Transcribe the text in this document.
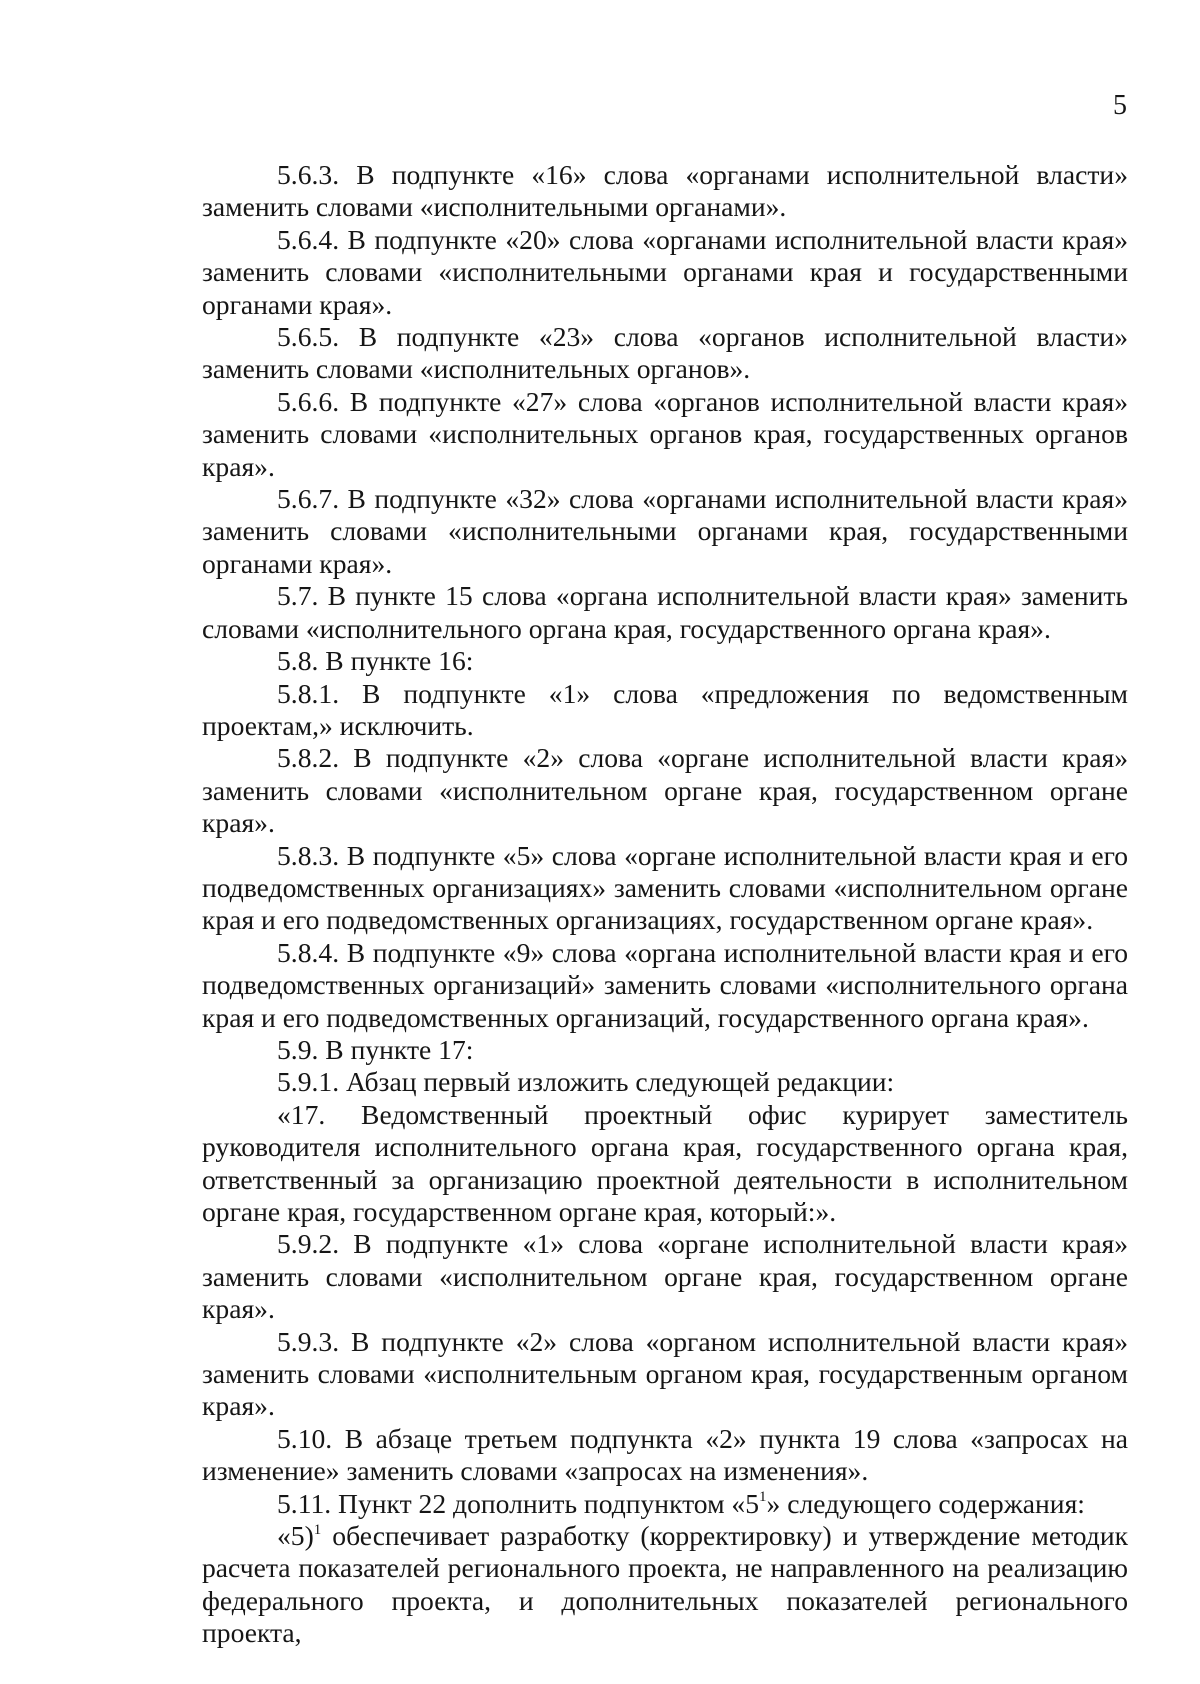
5

5.6.3. В подпункте «16» слова «органами исполнительной власти» заменить словами «исполнительными органами».

5.6.4. В подпункте «20» слова «органами исполнительной власти края» заменить словами «исполнительными органами края и государственными органами края».

5.6.5. В подпункте «23» слова «органов исполнительной власти» заменить словами «исполнительных органов».

5.6.6. В подпункте «27» слова «органов исполнительной власти края» заменить словами «исполнительных органов края, государственных органов края».

5.6.7. В подпункте «32» слова «органами исполнительной власти края» заменить словами «исполнительными органами края, государственными органами края».

5.7. В пункте 15 слова «органа исполнительной власти края» заменить словами «исполнительного органа края, государственного органа края».

5.8. В пункте 16:

5.8.1. В подпункте «1» слова «предложения по ведомственным проектам,» исключить.

5.8.2. В подпункте «2» слова «органе исполнительной власти края» заменить словами «исполнительном органе края, государственном органе края».

5.8.3. В подпункте «5» слова «органе исполнительной власти края и его подведомственных организациях» заменить словами «исполнительном органе края и его подведомственных организациях, государственном органе края».

5.8.4. В подпункте «9» слова «органа исполнительной власти края и его подведомственных организаций» заменить словами «исполнительного органа края и его подведомственных организаций, государственного органа края».

5.9. В пункте 17:

5.9.1. Абзац первый изложить следующей редакции:

«17. Ведомственный проектный офис курирует заместитель руководителя исполнительного органа края, государственного органа края, ответственный за организацию проектной деятельности в исполнительном органе края, государственном органе края, который:».

5.9.2. В подпункте «1» слова «органе исполнительной власти края» заменить словами «исполнительном органе края, государственном органе края».

5.9.3. В подпункте «2» слова «органом исполнительной власти края» заменить словами «исполнительным органом края, государственным органом края».

5.10. В абзаце третьем подпункта «2» пункта 19 слова «запросах на изменение» заменить словами «запросах на изменения».

5.11. Пункт 22 дополнить подпунктом «$5^1$» следующего содержания:

«5)$^1$ обеспечивает разработку (корректировку) и утверждение методик расчета показателей регионального проекта, не направленного на реализацию федерального проекта, и дополнительных показателей регионального проекта,
